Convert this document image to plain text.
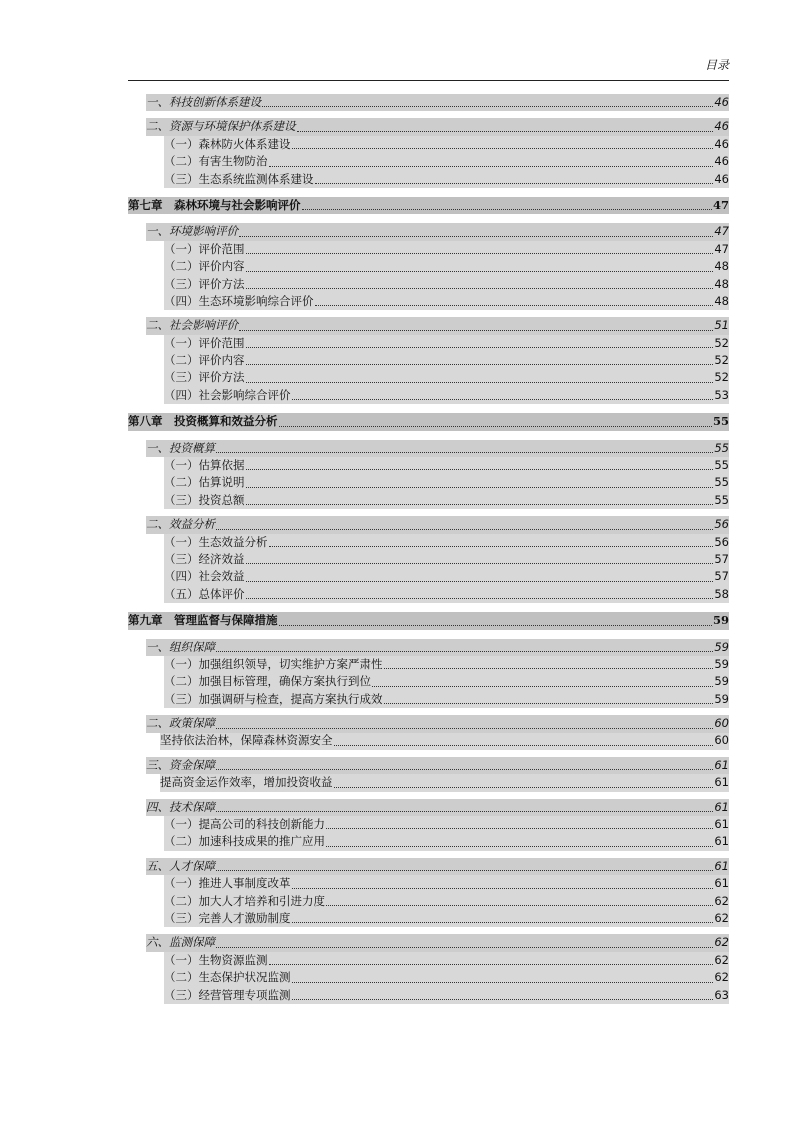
目录
一、科技创新体系建设	46
二、资源与环境保护体系建设	46
（一）森林防火体系建设	46
（二）有害生物防治	46
（三）生态系统监测体系建设	46
第七章　森林环境与社会影响评价	47
一、环境影响评价	47
（一）评价范围	47
（二）评价内容	48
（三）评价方法	48
（四）生态环境影响综合评价	48
二、社会影响评价	51
（一）评价范围	52
（二）评价内容	52
（三）评价方法	52
（四）社会影响综合评价	53
第八章　投资概算和效益分析	55
一、投资概算	55
（一）估算依据	55
（二）估算说明	55
（三）投资总额	55
二、效益分析	56
（一）生态效益分析	56
（三）经济效益	57
（四）社会效益	57
（五）总体评价	58
第九章　管理监督与保障措施	59
一、组织保障	59
（一）加强组织领导，切实维护方案严肃性	59
（二）加强目标管理，确保方案执行到位	59
（三）加强调研与检查，提高方案执行成效	59
二、政策保障	60
坚持依法治林，保障森林资源安全	60
三、资金保障	61
提高资金运作效率，增加投资收益	61
四、技术保障	61
（一）提高公司的科技创新能力	61
（二）加速科技成果的推广应用	61
五、人才保障	61
（一）推进人事制度改革	61
（二）加大人才培养和引进力度	62
（三）完善人才激励制度	62
六、监测保障	62
（一）生物资源监测	62
（二）生态保护状况监测	62
（三）经营管理专项监测	63
